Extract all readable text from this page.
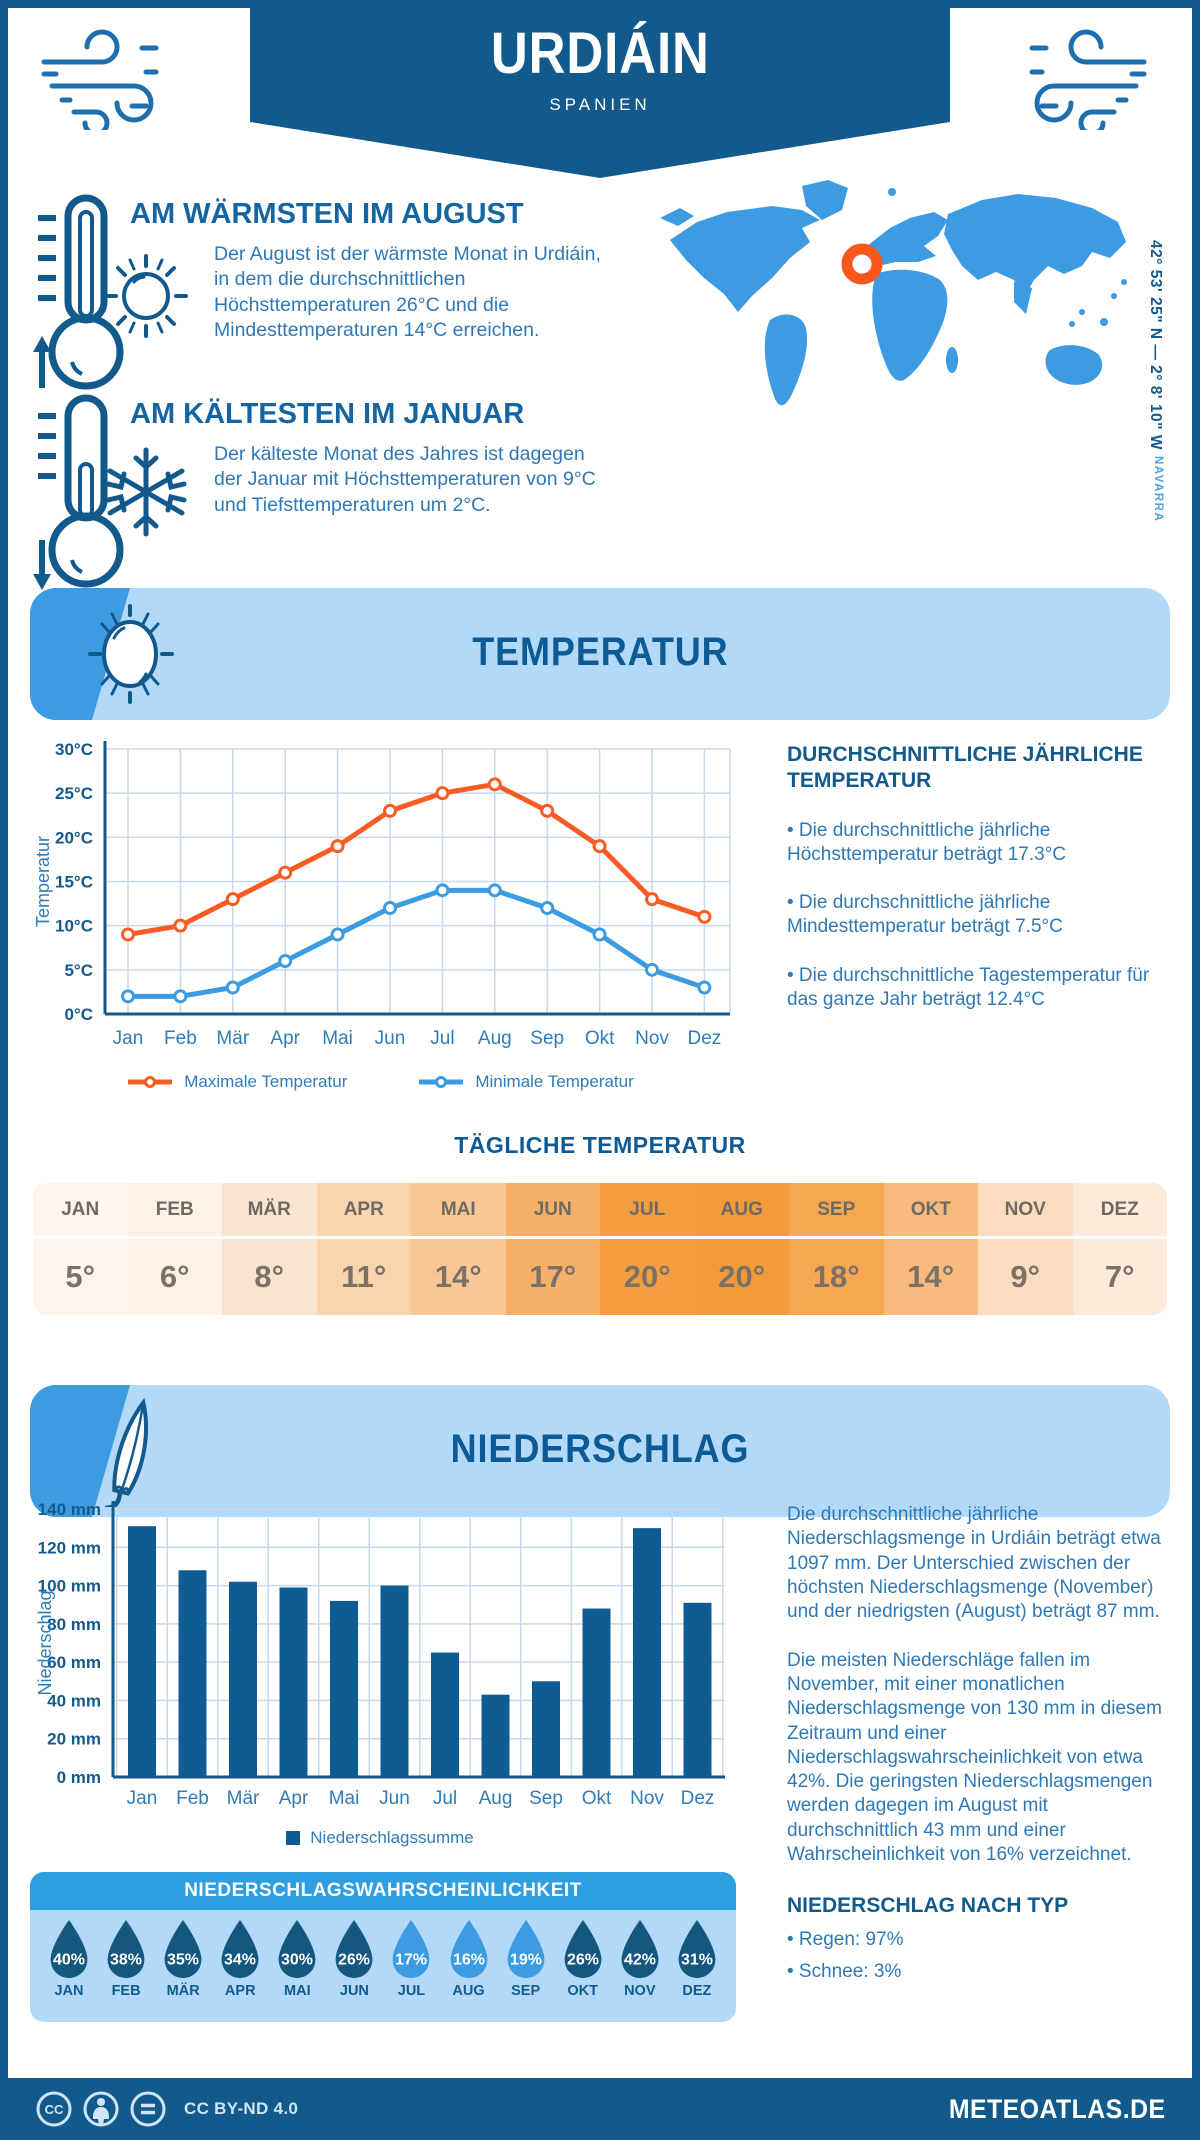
URDIÁIN
SPANIEN
AM WÄRMSTEN IM AUGUST
Der August ist der wärmste Monat in Urdiáin, in dem die durchschnittlichen Höchsttemperaturen 26°C und die Mindesttemperaturen 14°C erreichen.
AM KÄLTESTEN IM JANUAR
Der kälteste Monat des Jahres ist dagegen der Januar mit Höchsttemperaturen von 9°C und Tiefsttemperaturen um 2°C.
42° 53' 25" N — 2° 8' 10" W
NAVARRA
TEMPERATUR
0°C
5°C
10°C
15°C
20°C
25°C
30°C
Jan Feb Mär Apr Mai Jun Jul Aug Sep Okt Nov Dez
Temperatur
Maximale Temperatur	Minimale Temperatur
DURCHSCHNITTLICHE JÄHRLICHE TEMPERATUR

• Die durchschnittliche jährliche Höchsttemperatur beträgt 17.3°C

• Die durchschnittliche jährliche Mindesttemperatur beträgt 7.5°C

• Die durchschnittliche Tagestemperatur für das ganze Jahr beträgt 12.4°C

TÄGLICHE TEMPERATUR
JAN
5°
FEB
6°
MÄR
8°
APR
11°
MAI
14°
JUN
17°
JUL
20°
AUG
20°
SEP
18°
OKT
14°
NOV
9°
DEZ
7°
NIEDERSCHLAG
0 mm
20 mm
40 mm
60 mm
80 mm
100 mm
120 mm
140 mm
Jan Feb Mär Apr Mai Jun Jul Aug Sep Okt Nov Dez
Niederschlag
Niederschlagssumme

Die durchschnittliche jährliche Niederschlagsmenge in Urdiáin beträgt etwa 1097 mm. Der Unterschied zwischen der höchsten Niederschlagsmenge (November) und der niedrigsten (August) beträgt 87 mm.

Die meisten Niederschläge fallen im November, mit einer monatlichen Niederschlagsmenge von 130 mm in diesem Zeitraum und einer Niederschlagswahrscheinlichkeit von etwa 42%. Die geringsten Niederschlagsmengen werden dagegen im August mit durchschnittlich 43 mm und einer Wahrscheinlichkeit von 16% verzeichnet.

NIEDERSCHLAG NACH TYP

• Regen: 97%

• Schnee: 3%

NIEDERSCHLAGSWAHRSCHEINLICHKEIT
40%
JAN
38%
FEB
35%
MÄR
34%
APR
30%
MAI
26%
JUN
17%
JUL
16%
AUG
19%
SEP
26%
OKT
42%
NOV
31%
DEZ
CC	CC BY-ND 4.0	METEOATLAS.DE
